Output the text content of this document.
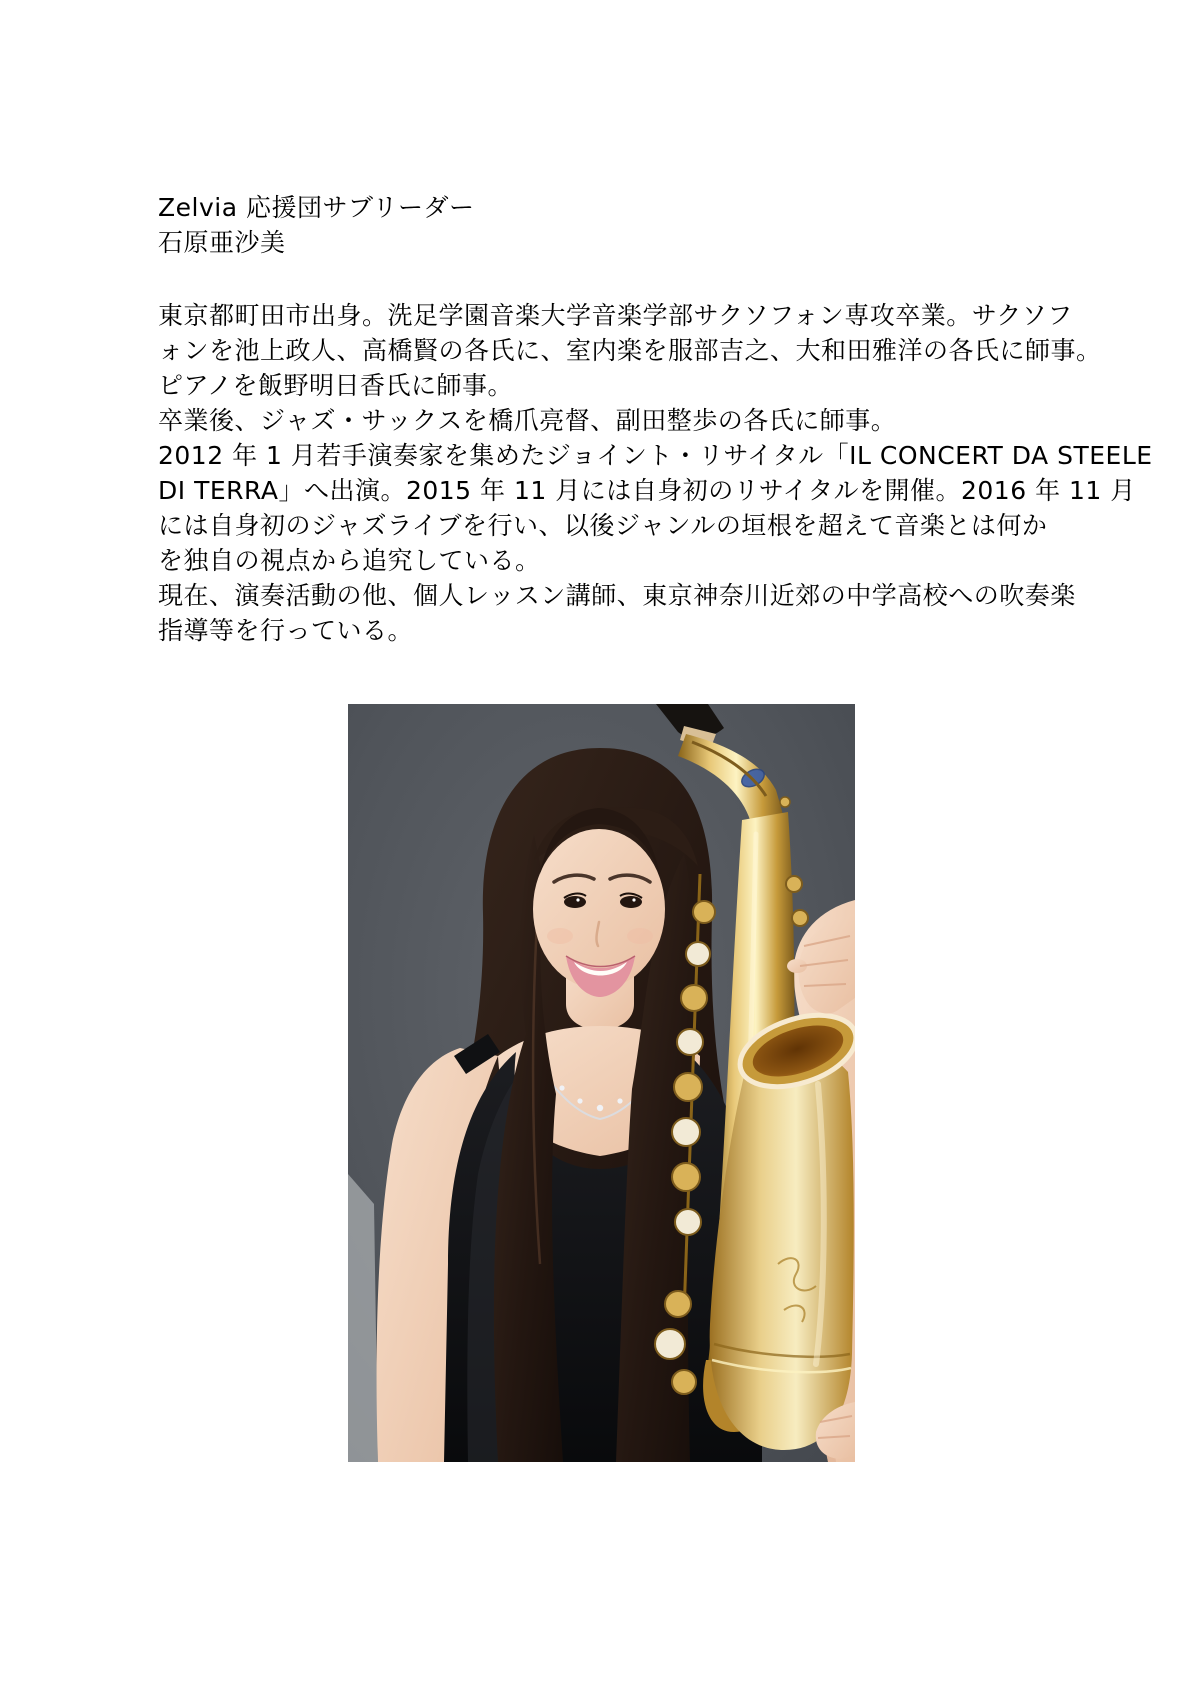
Zelvia 応援団サブリーダー
石原亜沙美
東京都町田市出身。洗足学園音楽大学音楽学部サクソフォン専攻卒業。サクソフ
ォンを池上政人、高橋賢の各氏に、室内楽を服部吉之、大和田雅洋の各氏に師事。
ピアノを飯野明日香氏に師事。
卒業後、ジャズ・サックスを橋爪亮督、副田整歩の各氏に師事。
2012 年 1 月若手演奏家を集めたジョイント・リサイタル「IL CONCERT DA STEELE
DI TERRA」へ出演。2015 年 11 月には自身初のリサイタルを開催。2016 年 11 月
には自身初のジャズライブを行い、以後ジャンルの垣根を超えて音楽とは何か
を独自の視点から追究している。
現在、演奏活動の他、個人レッスン講師、東京神奈川近郊の中学高校への吹奏楽
指導等を行っている。
